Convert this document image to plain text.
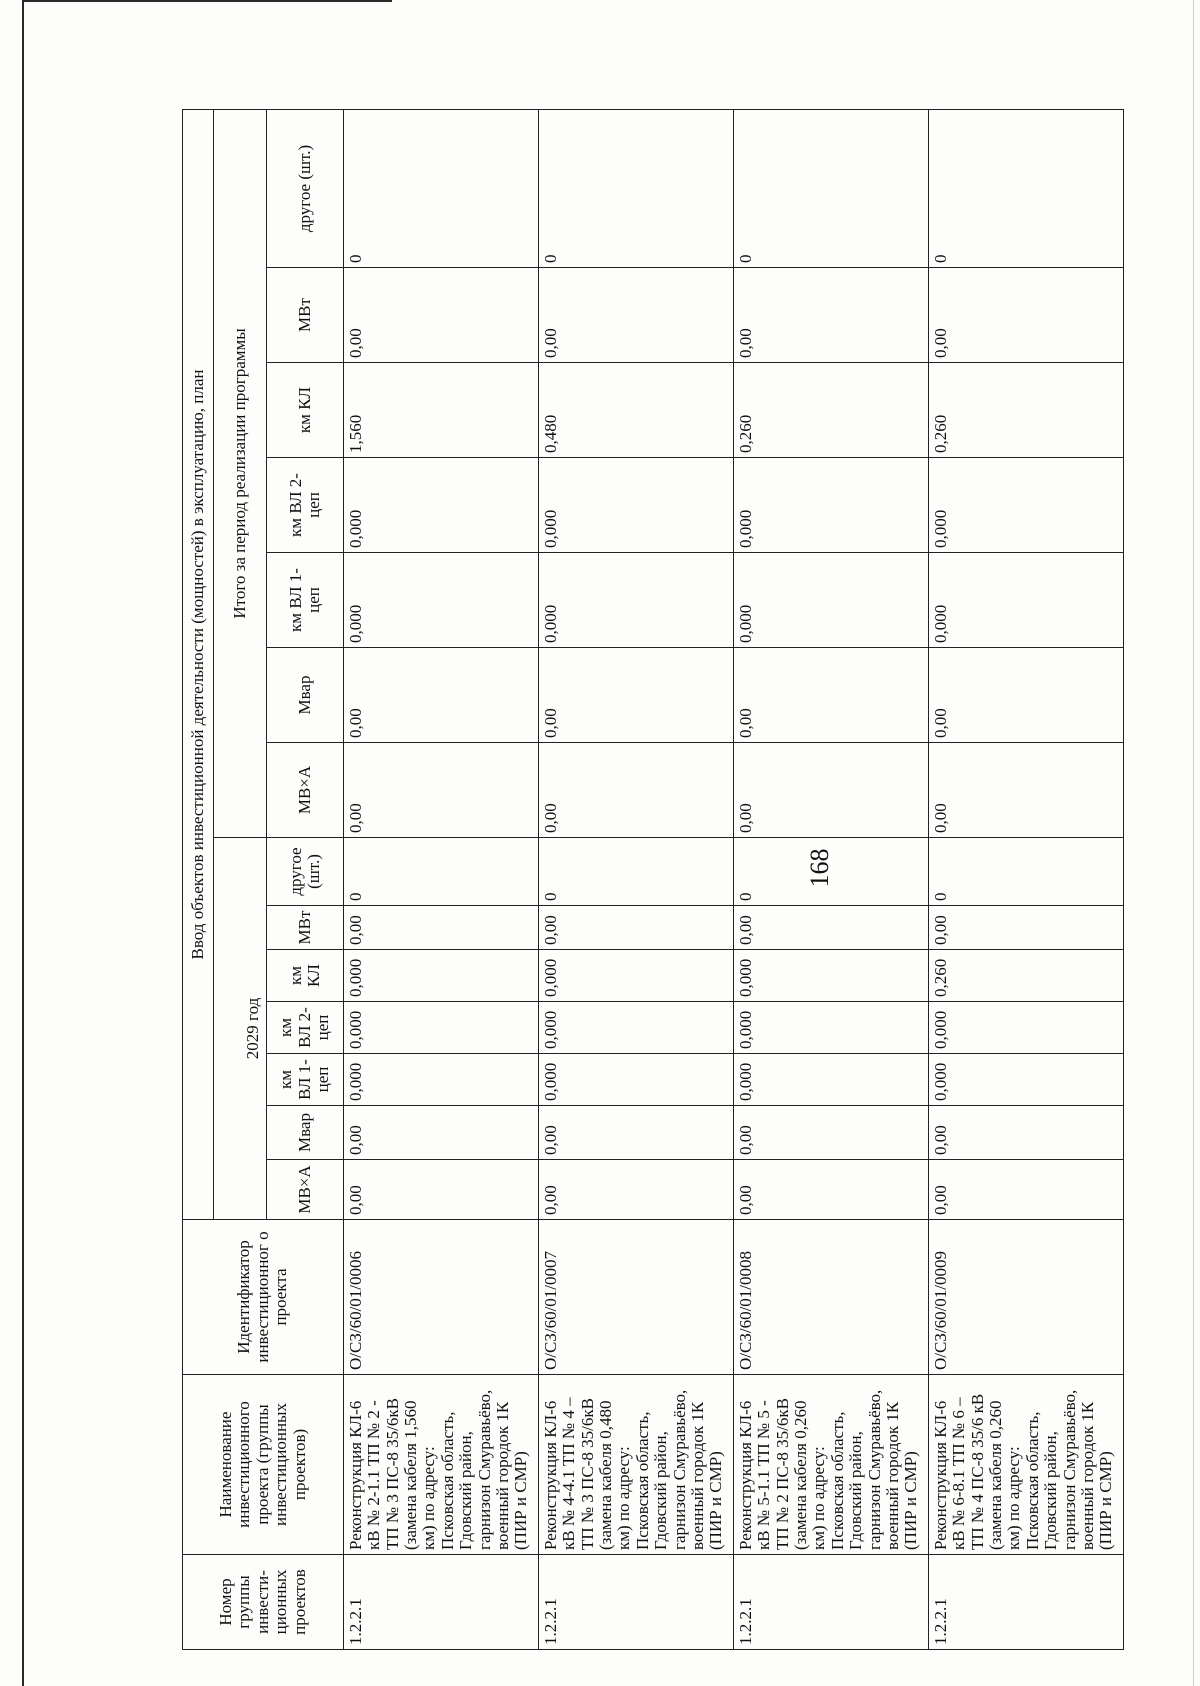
168
Номер группы инвести- ционных проектов	Наименование инвестиционного проекта (группы инвестиционных проектов)	Идентификатор инвестиционног о проекта	Ввод объектов инвестиционной деятельности (мощностей) в эксплуатацию, план													
										Итого за период реализации программы						
			2029 год													
			МВ×А	Мвар	км ВЛ 1-цеп	км ВЛ 2-цеп	км КЛ	МВт	другое (шт.)	МВ×А	Мвар	км ВЛ 1-цеп	км ВЛ 2-цеп	км КЛ	МВт	другое (шт.)
1.2.2.1	Реконструкция КЛ-6 кВ № 2-1.1 ТП № 2 - ТП № 3 ПС-8 35/6кВ (замена кабеля 1,560 км) по адресу: Псковская область, Гдовский район, гарнизон Смуравьёво, военный городок 1К (ПИР и СМР)	О/СЗ/60/01/0006	0,00	0,00	0,000	0,000	0,000	0,00	0	0,00	0,00	0,000	0,000	1,560	0,00	0
1.2.2.1	Реконструкция КЛ-6 кВ № 4-4.1 ТП № 4 – ТП № 3 ПС-8 35/6кВ (замена кабеля 0,480 км) по адресу: Псковская область, Гдовский район, гарнизон Смуравьёво, военный городок 1К (ПИР и СМР)	О/СЗ/60/01/0007	0,00	0,00	0,000	0,000	0,000	0,00	0	0,00	0,00	0,000	0,000	0,480	0,00	0
1.2.2.1	Реконструкция КЛ-6 кВ № 5-1.1 ТП № 5 - ТП № 2 ПС-8 35/6кВ (замена кабеля 0,260 км) по адресу: Псковская область, Гдовский район, гарнизон Смуравьёво, военный городок 1К (ПИР и СМР)	О/СЗ/60/01/0008	0,00	0,00	0,000	0,000	0,000	0,00	0	0,00	0,00	0,000	0,000	0,260	0,00	0
1.2.2.1	Реконструкция КЛ-6 кВ № 6-8.1 ТП № 6 – ТП № 4 ПС-8 35/6 кВ (замена кабеля 0,260 км) по адресу: Псковская область, Гдовский район, гарнизон Смуравьёво, военный городок 1К (ПИР и СМР)	О/СЗ/60/01/0009	0,00	0,00	0,000	0,000	0,260	0,00	0	0,00	0,00	0,000	0,000	0,260	0,00	0
